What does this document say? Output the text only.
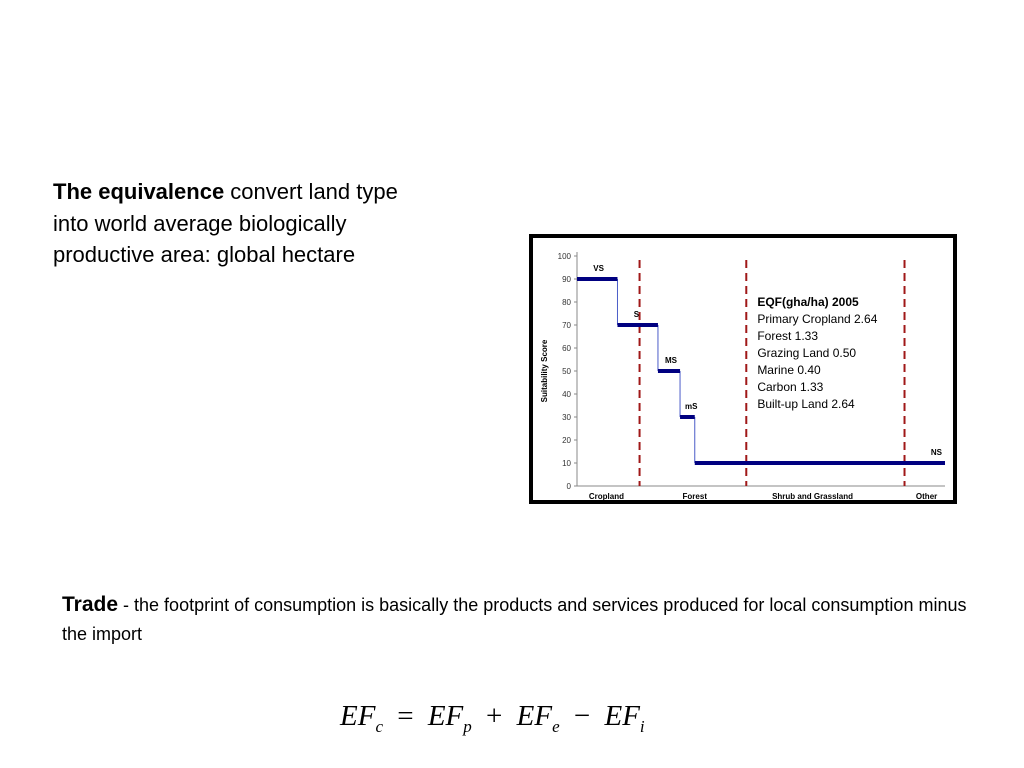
The equivalence convert land type into world average biologically productive area: global hectare

0
10
20
30
40
50
60
70
80
90
100
Suitability Score
VS
S
MS
mS
NS
Cropland	Forest	Shrub and Grassland	Other
EQF(gha/ha) 2005
Primary Cropland 2.64
Forest 1.33
Grazing Land 0.50
Marine 0.40
Carbon 1.33
Built-up Land 2.64

Trade - the footprint of consumption is basically the products and services produced for local consumption minus the import

$EF_c = EF_p + EF_e - EF_i$
